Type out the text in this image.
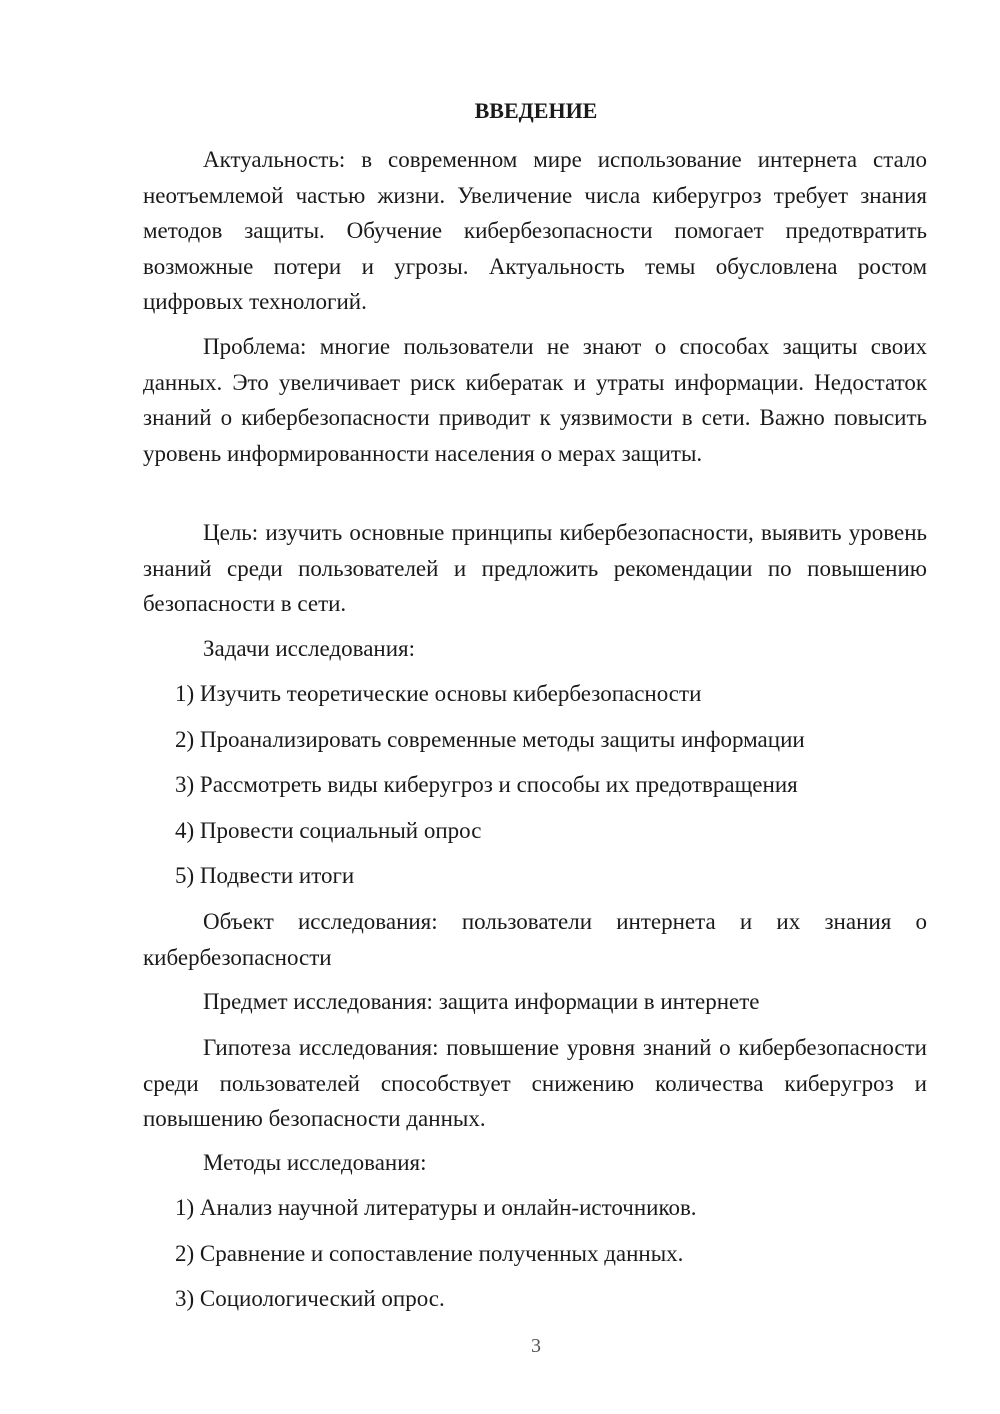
ВВЕДЕНИЕ
Актуальность: в современном мире использование интернета стало неотъемлемой частью жизни. Увеличение числа киберугроз требует знания методов защиты. Обучение кибербезопасности помогает предотвратить возможные потери и угрозы. Актуальность темы обусловлена ростом цифровых технологий.
Проблема: многие пользователи не знают о способах защиты своих данных. Это увеличивает риск кибератак и утраты информации. Недостаток знаний о кибербезопасности приводит к уязвимости в сети. Важно повысить уровень информированности населения о мерах защиты.
Цель: изучить основные принципы кибербезопасности, выявить уровень знаний среди пользователей и предложить рекомендации по повышению безопасности в сети.
Задачи исследования:
1) Изучить теоретические основы кибербезопасности
2) Проанализировать современные методы защиты информации
3) Рассмотреть виды киберугроз и способы их предотвращения
4) Провести социальный опрос
5) Подвести итоги
Объект исследования: пользователи интернета и их знания о кибербезопасности
Предмет исследования: защита информации в интернете
Гипотеза исследования: повышение уровня знаний о кибербезопасности среди пользователей способствует снижению количества киберугроз и повышению безопасности данных.
Методы исследования:
1) Анализ научной литературы и онлайн-источников.
2) Сравнение и сопоставление полученных данных.
3) Социологический опрос.
3
